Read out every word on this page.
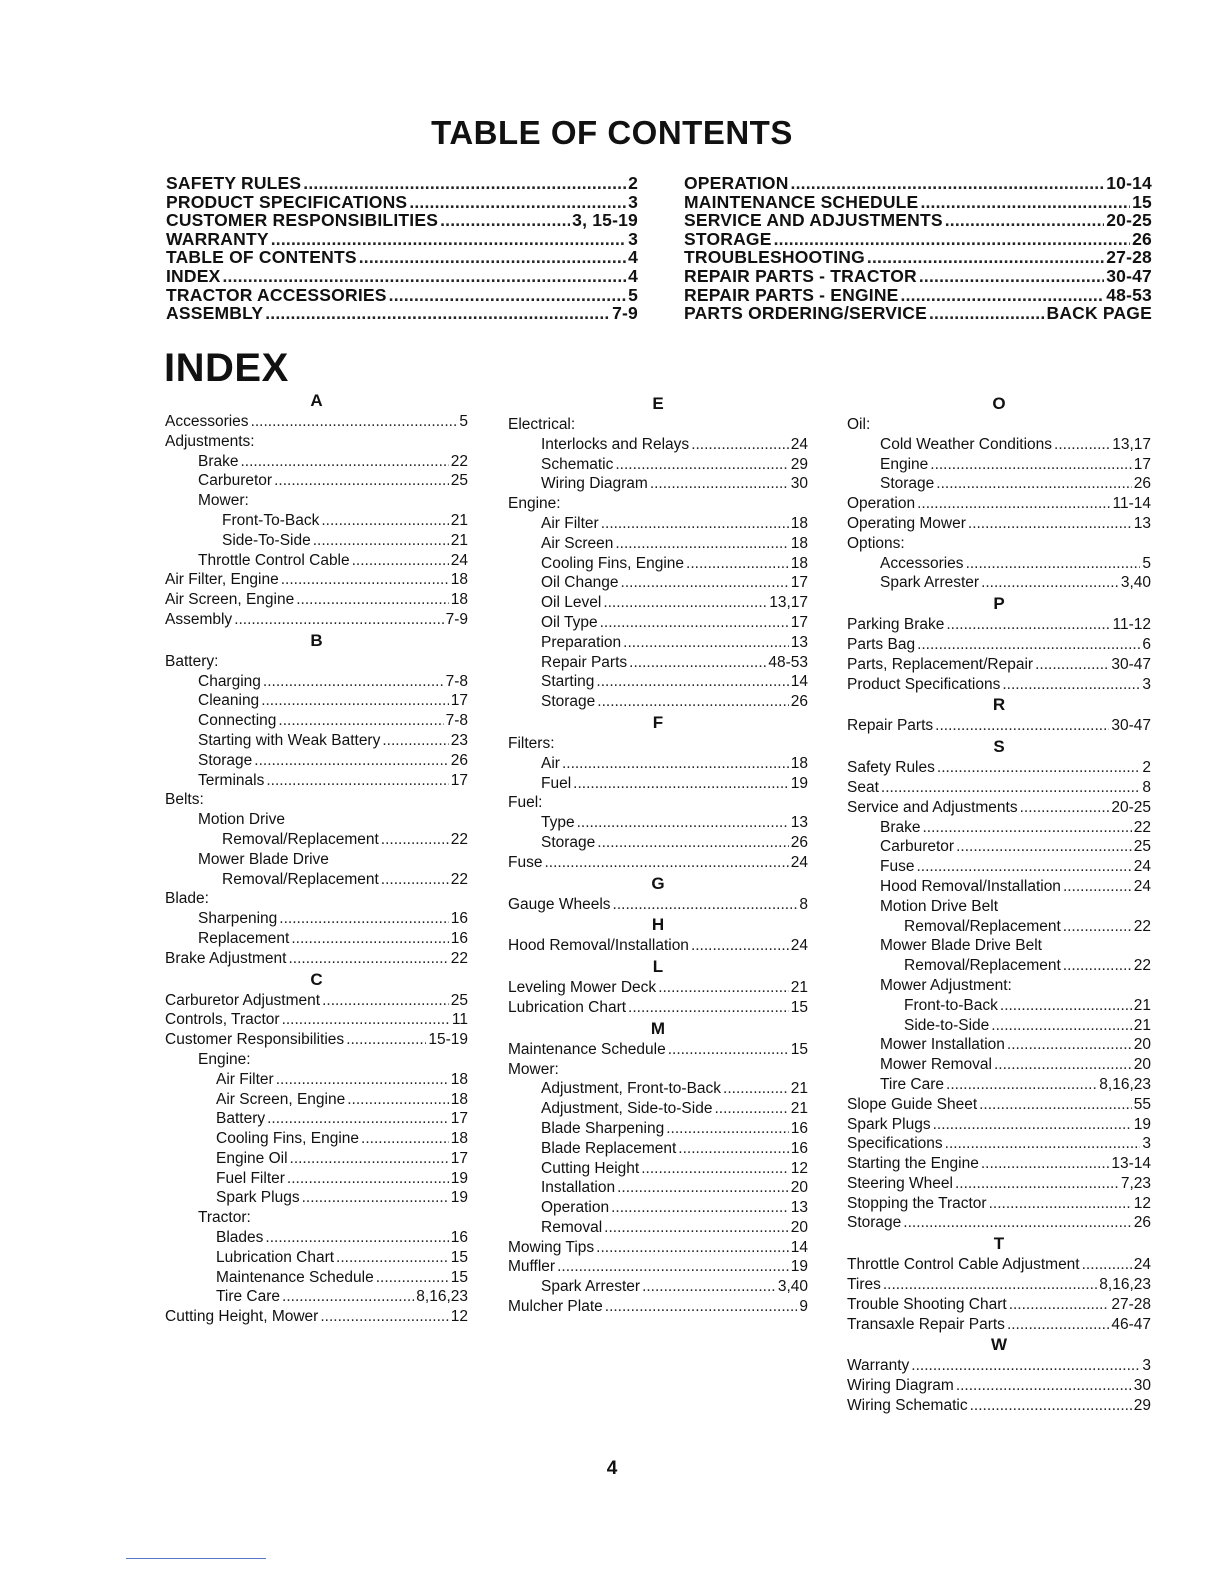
TABLE OF CONTENTS
SAFETY RULES .....	2
PRODUCT SPECIFICATIONS .....	3
CUSTOMER RESPONSIBILITIES .....	3, 15-19
WARRANTY .....	3
TABLE OF CONTENTS .....	4
INDEX .....	4
TRACTOR ACCESSORIES .....	5
ASSEMBLY .....	7-9
OPERATION .....	10-14
MAINTENANCE SCHEDULE .....	15
SERVICE AND ADJUSTMENTS .....	20-25
STORAGE .....	26
TROUBLESHOOTING .....	27-28
REPAIR PARTS - TRACTOR .....	30-47
REPAIR PARTS - ENGINE .....	48-53
PARTS ORDERING/SERVICE .....	BACK PAGE
INDEX
A
Accessories .....	5
Adjustments:
Brake .....	22
Carburetor .....	25
Mower:
Front-To-Back .....	21
Side-To-Side .....	21
Throttle Control Cable .....	24
Air Filter, Engine .....	18
Air Screen, Engine .....	18
Assembly .....	7-9
B
Battery:
Charging .....	7-8
Cleaning .....	17
Connecting .....	7-8
Starting with Weak Battery .....	23
Storage .....	26
Terminals .....	17
Belts:
Motion Drive
Removal/Replacement .....	22
Mower Blade Drive
Removal/Replacement .....	22
Blade:
Sharpening .....	16
Replacement .....	16
Brake Adjustment .....	22
C
Carburetor Adjustment .....	25
Controls, Tractor .....	11
Customer Responsibilities .....	15-19
Engine:
Air Filter .....	18
Air Screen, Engine .....	18
Battery .....	17
Cooling Fins, Engine .....	18
Engine Oil .....	17
Fuel Filter .....	19
Spark Plugs .....	19
Tractor:
Blades .....	16
Lubrication Chart .....	15
Maintenance Schedule .....	15
Tire Care .....	8,16,23
Cutting Height, Mower .....	12
E
Electrical:
Interlocks and Relays .....	24
Schematic .....	29
Wiring Diagram .....	30
Engine:
Air Filter .....	18
Air Screen .....	18
Cooling Fins, Engine .....	18
Oil Change .....	17
Oil Level .....	13,17
Oil Type .....	17
Preparation .....	13
Repair Parts .....	48-53
Starting .....	14
Storage .....	26
F
Filters:
Air .....	18
Fuel .....	19
Fuel:
Type .....	13
Storage .....	26
Fuse .....	24
G
Gauge Wheels .....	8
H
Hood Removal/Installation .....	24
L
Leveling Mower Deck .....	21
Lubrication Chart .....	15
M
Maintenance Schedule .....	15
Mower:
Adjustment, Front-to-Back .....	21
Adjustment, Side-to-Side .....	21
Blade Sharpening .....	16
Blade Replacement .....	16
Cutting Height .....	12
Installation .....	20
Operation .....	13
Removal .....	20
Mowing Tips .....	14
Muffler .....	19
Spark Arrester .....	3,40
Mulcher Plate .....	9
O
Oil:
Cold Weather Conditions .....	13,17
Engine .....	17
Storage .....	26
Operation .....	11-14
Operating Mower .....	13
Options:
Accessories .....	5
Spark Arrester .....	3,40
P
Parking Brake .....	11-12
Parts Bag .....	6
Parts, Replacement/Repair .....	30-47
Product Specifications .....	3
R
Repair Parts .....	30-47
S
Safety Rules .....	2
Seat .....	8
Service and Adjustments .....	20-25
Brake .....	22
Carburetor .....	25
Fuse .....	24
Hood Removal/Installation .....	24
Motion Drive Belt
Removal/Replacement .....	22
Mower Blade Drive Belt
Removal/Replacement .....	22
Mower Adjustment:
Front-to-Back .....	21
Side-to-Side .....	21
Mower Installation .....	20
Mower Removal .....	20
Tire Care .....	8,16,23
Slope Guide Sheet .....	55
Spark Plugs .....	19
Specifications .....	3
Starting the Engine .....	13-14
Steering Wheel .....	7,23
Stopping the Tractor .....	12
Storage .....	26
T
Throttle Control Cable Adjustment .....	24
Tires .....	8,16,23
Trouble Shooting Chart .....	27-28
Transaxle Repair Parts .....	46-47
W
Warranty .....	3
Wiring Diagram .....	30
Wiring Schematic .....	29
4
